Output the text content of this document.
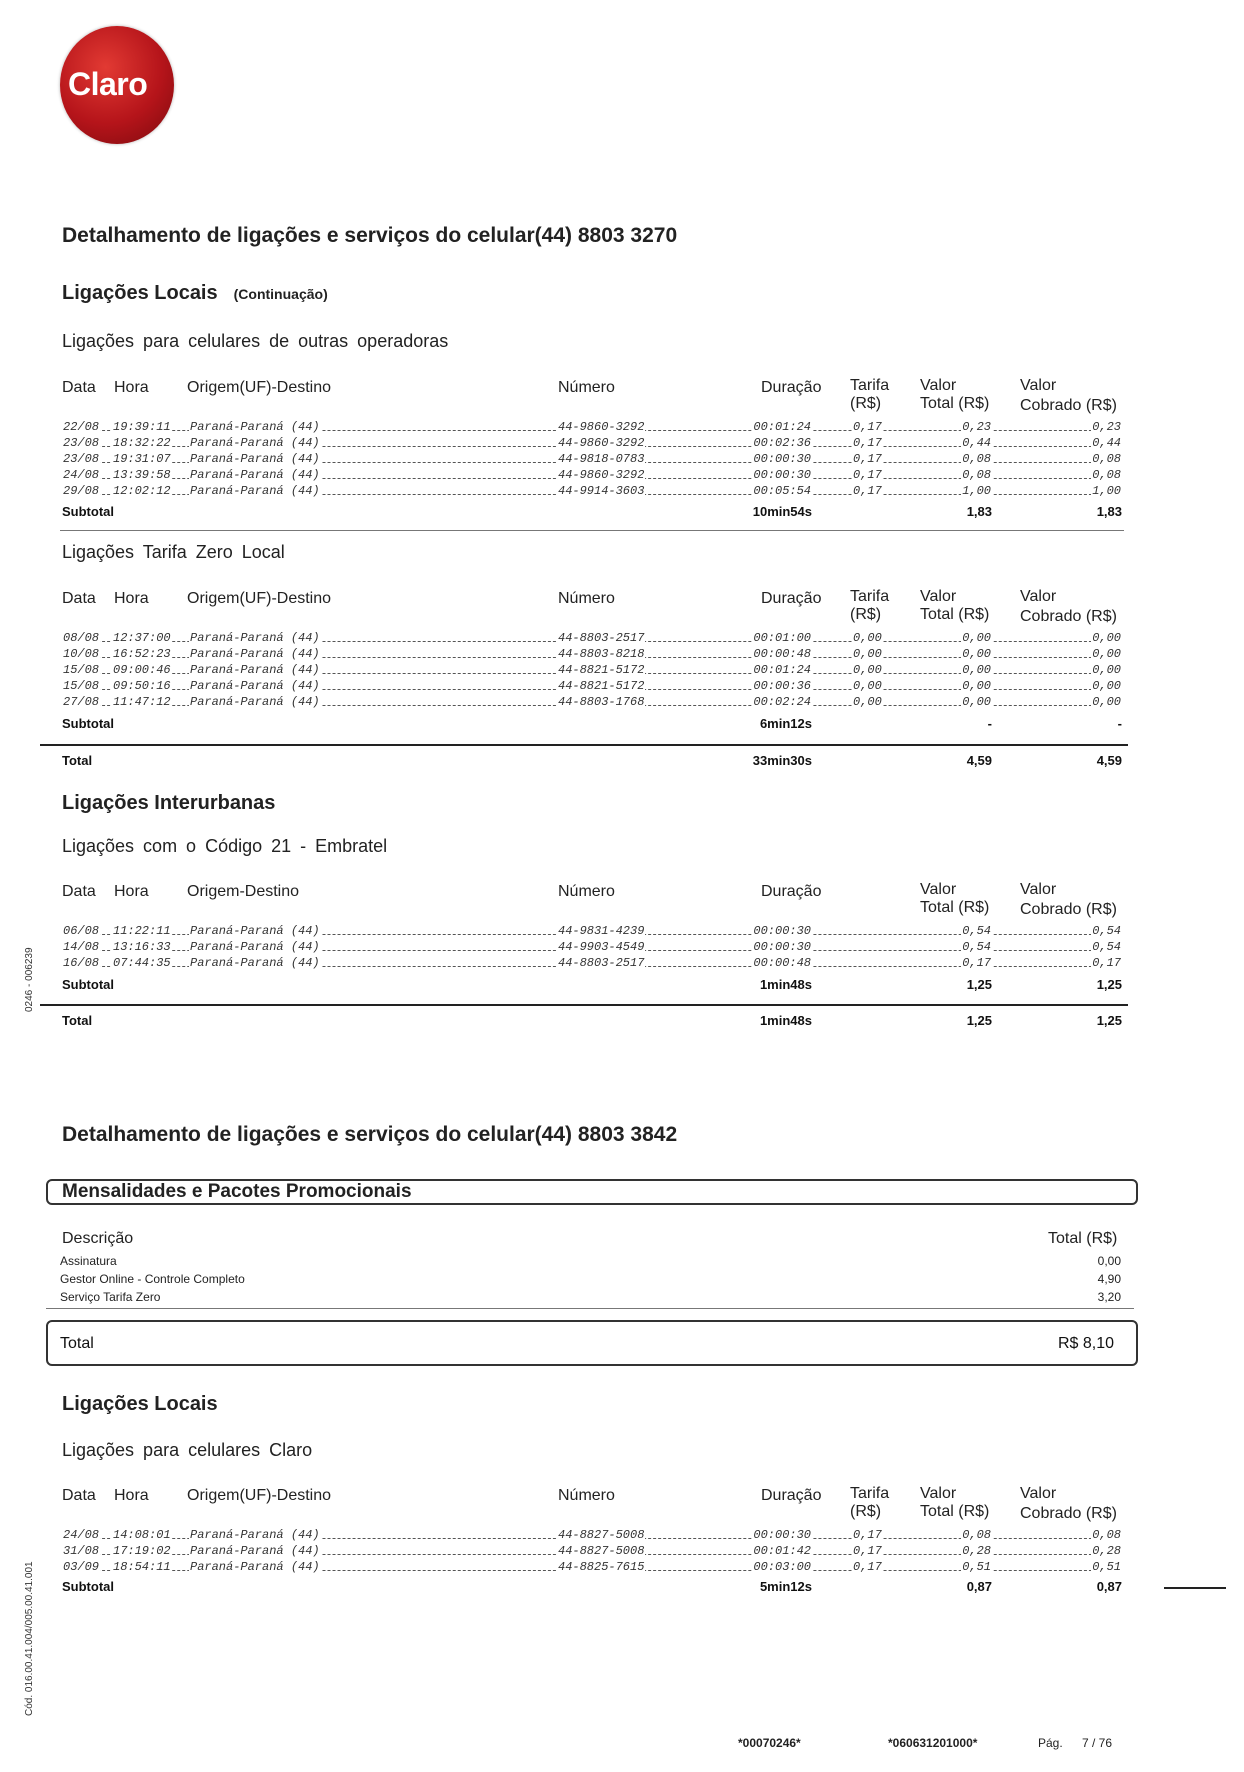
Claro
0246 - 006239
Cód. 016.00.41.004/005.00.41.001
Detalhamento de ligações e serviços do celular(44) 8803 3270
Ligações Locais (Continuação)
Ligações para celulares de outras operadoras
Data Hora Origem(UF)-Destino	Número	Duração Tarifa
(R$)
Valor
Total (R$)
Valor
Cobrado (R$)
22/08 19:39:11 Paraná-Paraná (44)	44-9860-3292	00:01:24	0,17	0,23	0,23
23/08 18:32:22 Paraná-Paraná (44)	44-9860-3292	00:02:36	0,17	0,44	0,44
23/08 19:31:07 Paraná-Paraná (44)	44-9818-0783	00:00:30	0,17	0,08	0,08
24/08 13:39:58 Paraná-Paraná (44)	44-9860-3292	00:00:30	0,17	0,08	0,08
29/08 12:02:12 Paraná-Paraná (44)	44-9914-3603	00:05:54	0,17	1,00	1,00
Subtotal	10min54s	1,83	1,83
Ligações Tarifa Zero Local
Data Hora Origem(UF)-Destino	Número	Duração Tarifa
(R$)
Valor
Total (R$)
Valor
Cobrado (R$)
08/08 12:37:00 Paraná-Paraná (44)	44-8803-2517	00:01:00	0,00	0,00	0,00
10/08 16:52:23 Paraná-Paraná (44)	44-8803-8218	00:00:48	0,00	0,00	0,00
15/08 09:00:46 Paraná-Paraná (44)	44-8821-5172	00:01:24	0,00	0,00	0,00
15/08 09:50:16 Paraná-Paraná (44)	44-8821-5172	00:00:36	0,00	0,00	0,00
27/08 11:47:12 Paraná-Paraná (44)	44-8803-1768	00:02:24	0,00	0,00	0,00
Subtotal	6min12s	-	-
Total	33min30s	4,59	4,59
Ligações Interurbanas
Ligações com o Código 21 - Embratel
Data Hora Origem-Destino	Número	Duração	Valor
Total (R$)
Valor
Cobrado (R$)
06/08 11:22:11 Paraná-Paraná (44)	44-9831-4239	00:00:30	0,54	0,54
14/08 13:16:33 Paraná-Paraná (44)	44-9903-4549	00:00:30	0,54	0,54
16/08 07:44:35 Paraná-Paraná (44)	44-8803-2517	00:00:48	0,17	0,17
Subtotal	1min48s	1,25	1,25
Total	1min48s	1,25	1,25
Detalhamento de ligações e serviços do celular(44) 8803 3842
Mensalidades e Pacotes Promocionais
Descrição	Total (R$)
Assinatura	0,00
Gestor Online - Controle Completo	4,90
Serviço Tarifa Zero	3,20
Total	R$ 8,10
Ligações Locais
Ligações para celulares Claro
Data Hora Origem(UF)-Destino	Número	Duração Tarifa
(R$)
Valor
Total (R$)
Valor
Cobrado (R$)
24/08 14:08:01 Paraná-Paraná (44)	44-8827-5008	00:00:30	0,17	0,08	0,08
31/08 17:19:02 Paraná-Paraná (44)	44-8827-5008	00:01:42	0,17	0,28	0,28
03/09 18:54:11 Paraná-Paraná (44)	44-8825-7615	00:03:00	0,17	0,51	0,51
Subtotal	5min12s	0,87	0,87
*00070246*	*060631201000*	Pág. 7 / 76
